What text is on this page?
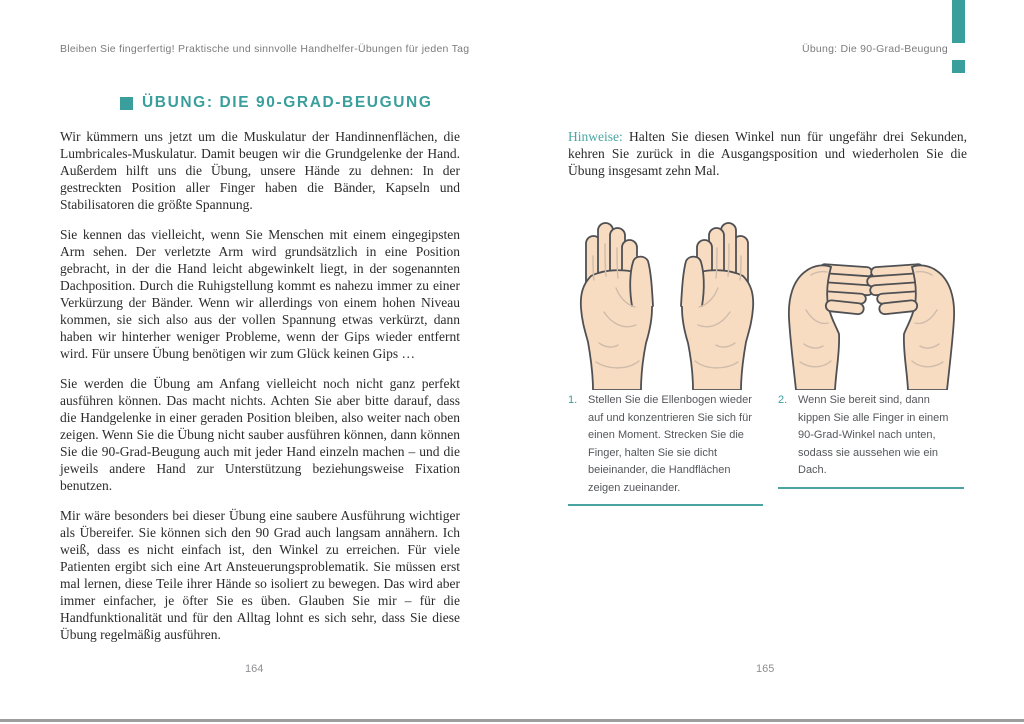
Bleiben Sie fingerfertig! Praktische und sinnvolle Handhelfer-Übungen für jeden Tag	Übung: Die 90-Grad-Beugung
ÜBUNG: DIE 90-GRAD-BEUGUNG

Wir kümmern uns jetzt um die Muskulatur der Handinnenflächen, die Lumbricales-Muskulatur. Damit beugen wir die Grundgelenke der Hand. Außerdem hilft uns die Übung, unsere Hände zu dehnen: In der gestreckten Position aller Finger haben die Bänder, Kapseln und Stabilisatoren die größte Spannung.

Sie kennen das vielleicht, wenn Sie Menschen mit einem eingegipsten Arm sehen. Der verletzte Arm wird grundsätzlich in eine Position gebracht, in der die Hand leicht abgewinkelt liegt, in der sogenannten Dachposition. Durch die Ruhigstellung kommt es nahezu immer zu einer Verkürzung der Bänder. Wenn wir allerdings von einem hohen Niveau kommen, sie sich also aus der vollen Spannung etwas verkürzt, dann haben wir hinterher weniger Probleme, wenn der Gips wieder entfernt wird. Für unsere Übung benötigen wir zum Glück keinen Gips …

Sie werden die Übung am Anfang vielleicht noch nicht ganz perfekt ausführen können. Das macht nichts. Achten Sie aber bitte darauf, dass die Handgelenke in einer geraden Position bleiben, also weiter nach oben zeigen. Wenn Sie die Übung nicht sauber ausführen können, dann können Sie die 90-Grad-Beugung auch mit jeder Hand einzeln machen – und die jeweils andere Hand zur Unterstützung beziehungsweise Fixation benutzen.

Mir wäre besonders bei dieser Übung eine saubere Ausführung wichtiger als Übereifer. Sie können sich den 90 Grad auch langsam annähern. Ich weiß, dass es nicht einfach ist, den Winkel zu erreichen. Für viele Patienten ergibt sich eine Art Ansteuerungsproblematik. Sie müssen erst mal lernen, diese Teile ihrer Hände so isoliert zu bewegen. Das wird aber immer einfacher, je öfter Sie es üben. Glauben Sie mir – für die Handfunktionalität und für den Alltag lohnt es sich sehr, dass Sie diese Übung regelmäßig ausführen.

164

Hinweise: Halten Sie diesen Winkel nun für ungefähr drei Sekunden, kehren Sie zurück in die Ausgangsposition und wiederholen Sie die Übung insgesamt zehn Mal.

1. Stellen Sie die Ellenbogen wieder auf und konzentrieren Sie sich für einen Moment. Strecken Sie die Finger, halten Sie sie dicht beieinander, die Handflächen zeigen zueinander.
2. Wenn Sie bereit sind, dann kippen Sie alle Finger in einem 90-Grad-Winkel nach unten, sodass sie aussehen wie ein Dach.
165
